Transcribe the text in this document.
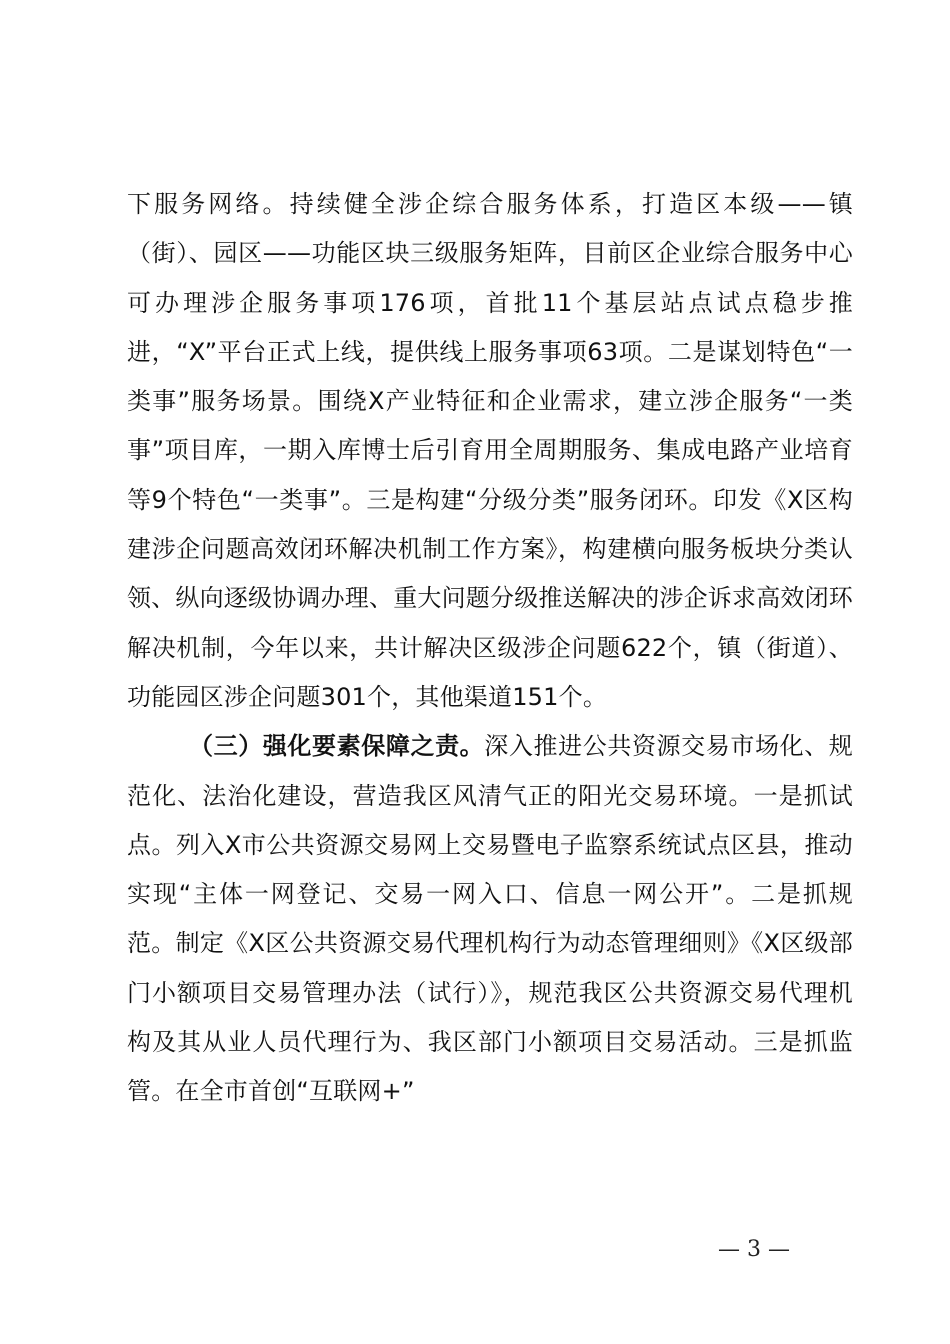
下服务网络。持续健全涉企综合服务体系，打造区本级——镇（街）、园区——功能区块三级服务矩阵，目前区企业综合服务中心可办理涉企服务事项176项，首批11个基层站点试点稳步推进，“X”平台正式上线，提供线上服务事项63项。二是谋划特色“一类事”服务场景。围绕X产业特征和企业需求，建立涉企服务“一类事”项目库，一期入库博士后引育用全周期服务、集成电路产业培育等9个特色“一类事”。三是构建“分级分类”服务闭环。印发《X区构建涉企问题高效闭环解决机制工作方案》，构建横向服务板块分类认领、纵向逐级协调办理、重大问题分级推送解决的涉企诉求高效闭环解决机制，今年以来，共计解决区级涉企问题622个，镇（街道）、功能园区涉企问题301个，其他渠道151个。

（三）强化要素保障之责。深入推进公共资源交易市场化、规范化、法治化建设，营造我区风清气正的阳光交易环境。一是抓试点。列入X市公共资源交易网上交易暨电子监察系统试点区县，推动实现“主体一网登记、交易一网入口、信息一网公开”。二是抓规范。制定《X区公共资源交易代理机构行为动态管理细则》《X区级部门小额项目交易管理办法（试行）》，规范我区公共资源交易代理机构及其从业人员代理行为、我区部门小额项目交易活动。三是抓监管。在全市首创“互联网+”

— 3 —
